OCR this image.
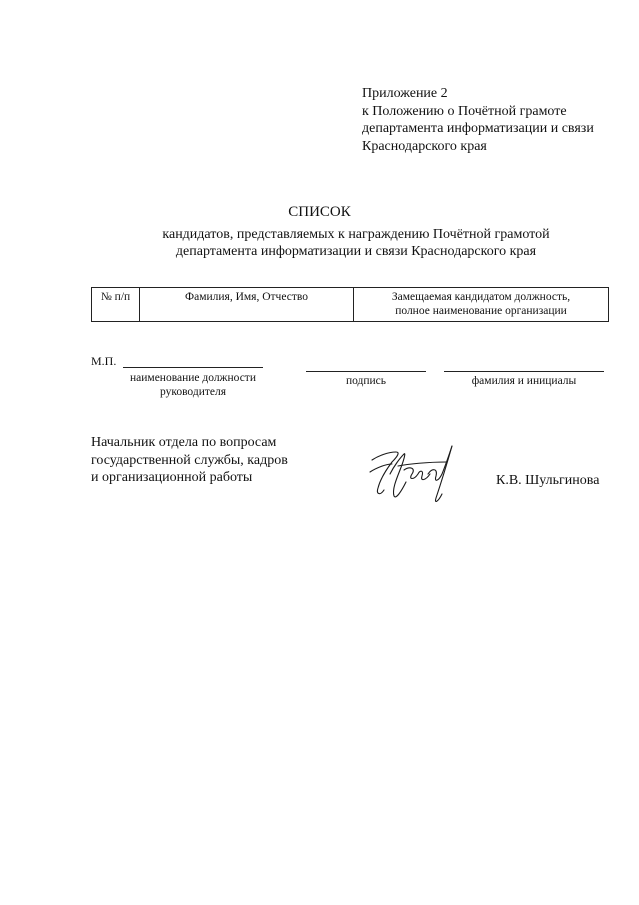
Приложение 2
к Положению о Почётной грамоте
департамента информатизации и связи
Краснодарского края
СПИСОК
кандидатов, представляемых к награждению Почётной грамотой
департамента информатизации и связи Краснодарского края
№ п/п	Фамилия, Имя, Отчество	Замещаемая кандидатом должность,
полное наименование организации
М.П.
наименование должности
руководителя
подпись	фамилия и инициалы
Начальник отдела по вопросам
государственной службы, кадров
и организационной работы	К.В. Шульгинова
